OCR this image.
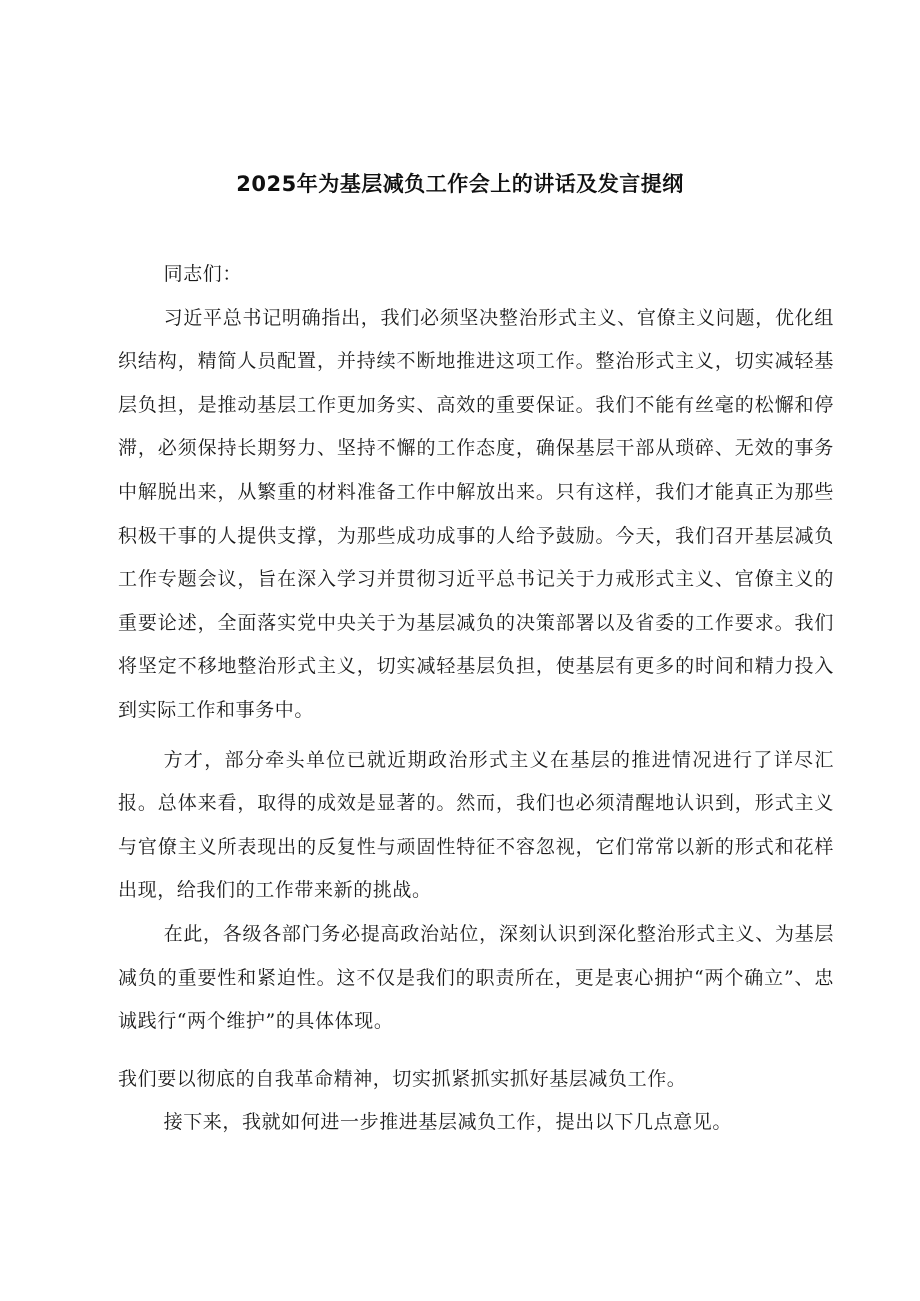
2025年为基层减负工作会上的讲话及发言提纲

同志们：

习近平总书记明确指出，我们必须坚决整治形式主义、官僚主义问题，优化组织结构，精简人员配置，并持续不断地推进这项工作。整治形式主义，切实减轻基层负担，是推动基层工作更加务实、高效的重要保证。我们不能有丝毫的松懈和停滞，必须保持长期努力、坚持不懈的工作态度，确保基层干部从琐碎、无效的事务中解脱出来，从繁重的材料准备工作中解放出来。只有这样，我们才能真正为那些积极干事的人提供支撑，为那些成功成事的人给予鼓励。今天，我们召开基层减负工作专题会议，旨在深入学习并贯彻习近平总书记关于力戒形式主义、官僚主义的重要论述，全面落实党中央关于为基层减负的决策部署以及省委的工作要求。我们将坚定不移地整治形式主义，切实减轻基层负担，使基层有更多的时间和精力投入到实际工作和事务中。

方才，部分牵头单位已就近期政治形式主义在基层的推进情况进行了详尽汇报。总体来看，取得的成效是显著的。然而，我们也必须清醒地认识到，形式主义与官僚主义所表现出的反复性与顽固性特征不容忽视，它们常常以新的形式和花样出现，给我们的工作带来新的挑战。

在此，各级各部门务必提高政治站位，深刻认识到深化整治形式主义、为基层减负的重要性和紧迫性。这不仅是我们的职责所在，更是衷心拥护“两个确立”、忠诚践行“两个维护”的具体体现。

我们要以彻底的自我革命精神，切实抓紧抓实抓好基层减负工作。

接下来，我就如何进一步推进基层减负工作，提出以下几点意见。
